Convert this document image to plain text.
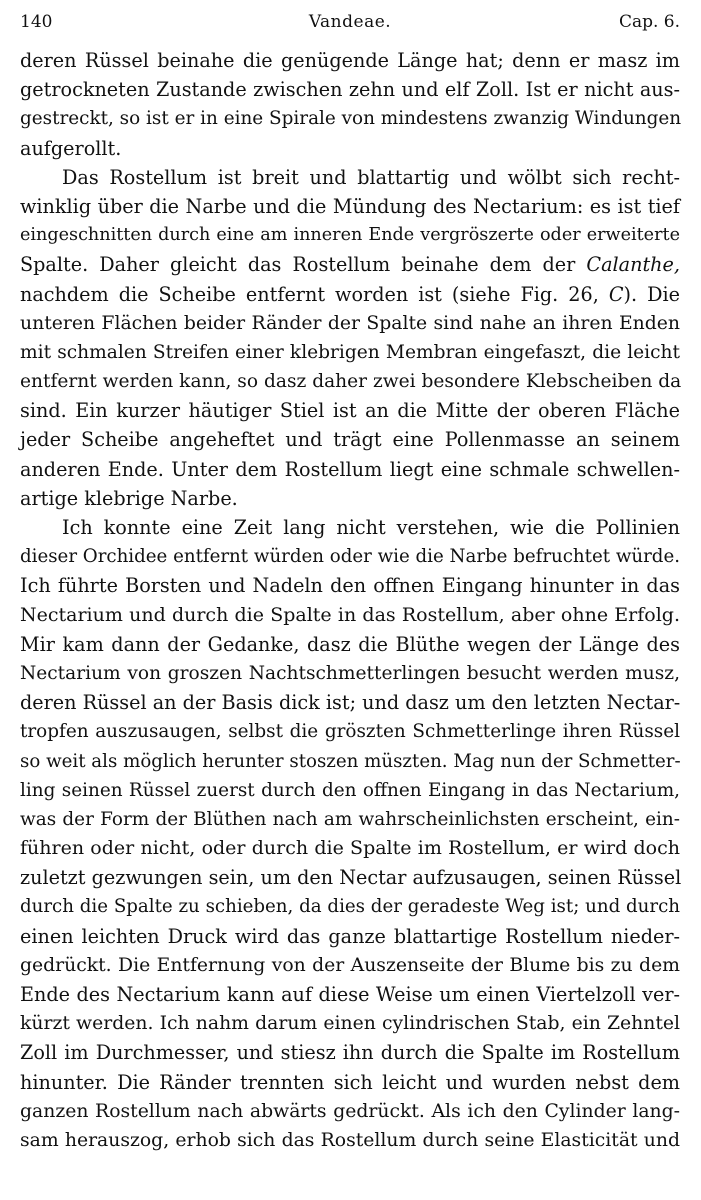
140	Vandeae.	Cap. 6.
deren Rüssel beinahe die genügende Länge hat; denn er masz im
getrockneten Zustande zwischen zehn und elf Zoll. Ist er nicht aus-
gestreckt, so ist er in eine Spirale von mindestens zwanzig Windungen
aufgerollt.
Das Rostellum ist breit und blattartig und wölbt sich recht-
winklig über die Narbe und die Mündung des Nectarium: es ist tief
eingeschnitten durch eine am inneren Ende vergröszerte oder erweiterte
Spalte. Daher gleicht das Rostellum beinahe dem der Calanthe,
nachdem die Scheibe entfernt worden ist (siehe Fig. 26, C). Die
unteren Flächen beider Ränder der Spalte sind nahe an ihren Enden
mit schmalen Streifen einer klebrigen Membran eingefaszt, die leicht
entfernt werden kann, so dasz daher zwei besondere Klebscheiben da
sind. Ein kurzer häutiger Stiel ist an die Mitte der oberen Fläche
jeder Scheibe angeheftet und trägt eine Pollenmasse an seinem
anderen Ende. Unter dem Rostellum liegt eine schmale schwellen-
artige klebrige Narbe.
Ich konnte eine Zeit lang nicht verstehen, wie die Pollinien
dieser Orchidee entfernt würden oder wie die Narbe befruchtet würde.
Ich führte Borsten und Nadeln den offnen Eingang hinunter in das
Nectarium und durch die Spalte in das Rostellum, aber ohne Erfolg.
Mir kam dann der Gedanke, dasz die Blüthe wegen der Länge des
Nectarium von groszen Nachtschmetterlingen besucht werden musz,
deren Rüssel an der Basis dick ist; und dasz um den letzten Nectar-
tropfen auszusaugen, selbst die gröszten Schmetterlinge ihren Rüssel
so weit als möglich herunter stoszen müszten. Mag nun der Schmetter-
ling seinen Rüssel zuerst durch den offnen Eingang in das Nectarium,
was der Form der Blüthen nach am wahrscheinlichsten erscheint, ein-
führen oder nicht, oder durch die Spalte im Rostellum, er wird doch
zuletzt gezwungen sein, um den Nectar aufzusaugen, seinen Rüssel
durch die Spalte zu schieben, da dies der geradeste Weg ist; und durch
einen leichten Druck wird das ganze blattartige Rostellum nieder-
gedrückt. Die Entfernung von der Auszenseite der Blume bis zu dem
Ende des Nectarium kann auf diese Weise um einen Viertelzoll ver-
kürzt werden. Ich nahm darum einen cylindrischen Stab, ein Zehntel
Zoll im Durchmesser, und stiesz ihn durch die Spalte im Rostellum
hinunter. Die Ränder trennten sich leicht und wurden nebst dem
ganzen Rostellum nach abwärts gedrückt. Als ich den Cylinder lang-
sam herauszog, erhob sich das Rostellum durch seine Elasticität und
